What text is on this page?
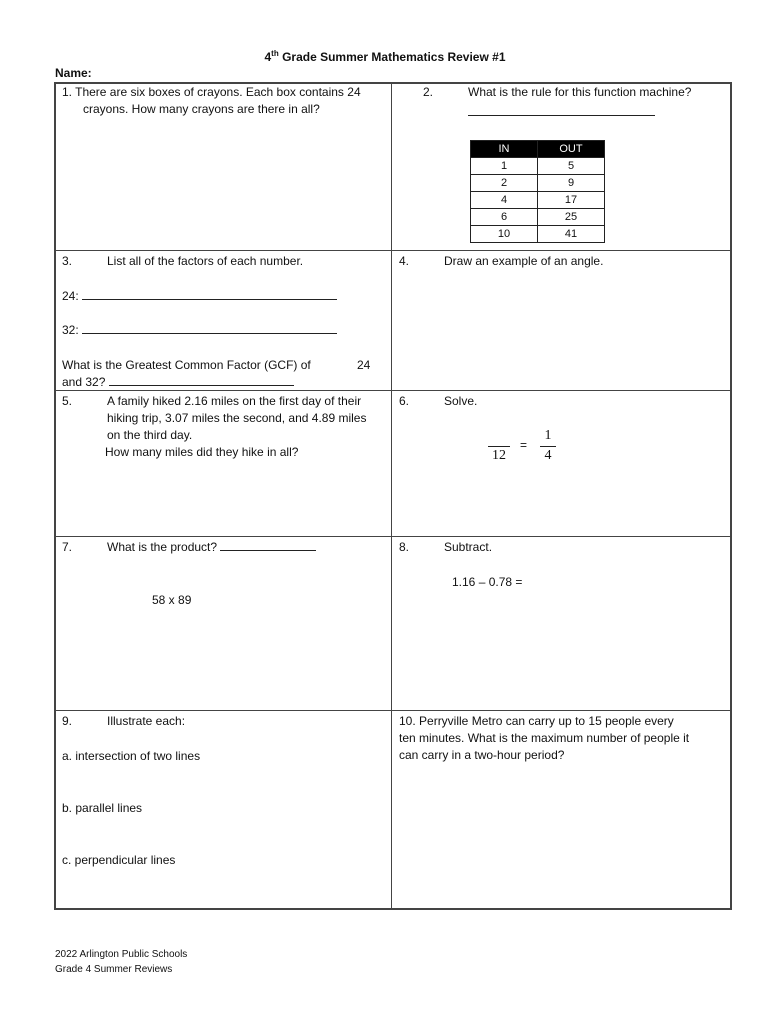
4th Grade Summer Mathematics Review #1
Name:
1. There are six boxes of crayons. Each box contains 24
crayons. How many crayons are there in all?
2.	What is the rule for this function machine?
IN	OUT
1	5
2	9
4	17
6	25
10	41
3.	List all of the factors of each number.
24:
32:
What is the Greatest Common Factor (GCF) of	24
and 32?
4.	Draw an example of an angle.
5.	A family hiked 2.16 miles on the first day of their
hiking trip, 3.07 miles the second, and 4.89 miles
on the third day.
How many miles did they hike in all?
6.	Solve.
12
=
1
4
7.	What is the product?
58 x 89
8.	Subtract.
1.16 – 0.78 =
9.	Illustrate each:
a. intersection of two lines
b. parallel lines
c. perpendicular lines
10. Perryville Metro can carry up to 15 people every
ten minutes. What is the maximum number of people it
can carry in a two-hour period?
2022 Arlington Public Schools
Grade 4 Summer Reviews
